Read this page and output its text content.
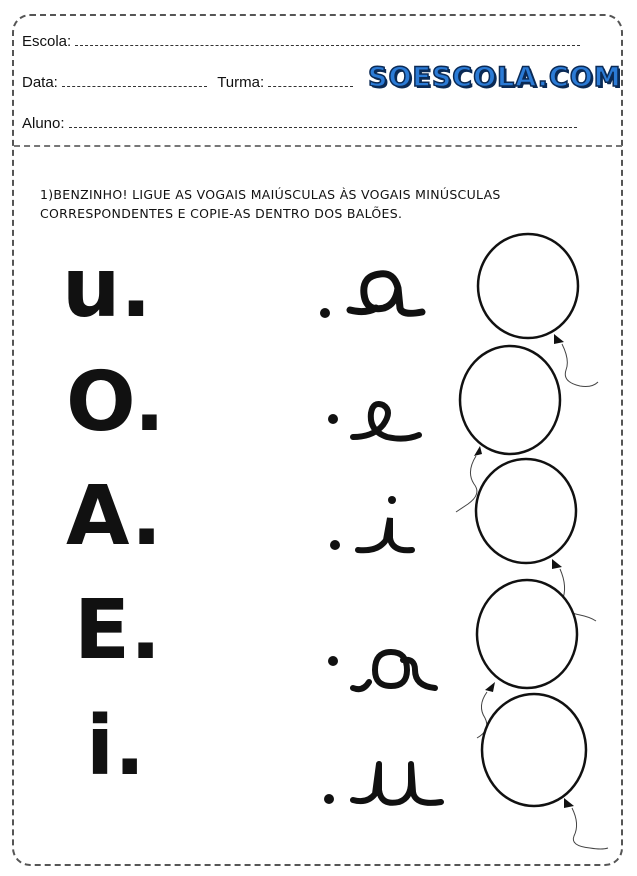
Escola:
Data:	Turma:	SOESCOLA.COM
Aluno:
1)BENZINHO! LIGUE AS VOGAIS MAIÚSCULAS ÀS VOGAIS MINÚSCULAS
CORRESPONDENTES E COPIE-AS DENTRO DOS BALÕES.
u.
O.
A.
E.
i.
